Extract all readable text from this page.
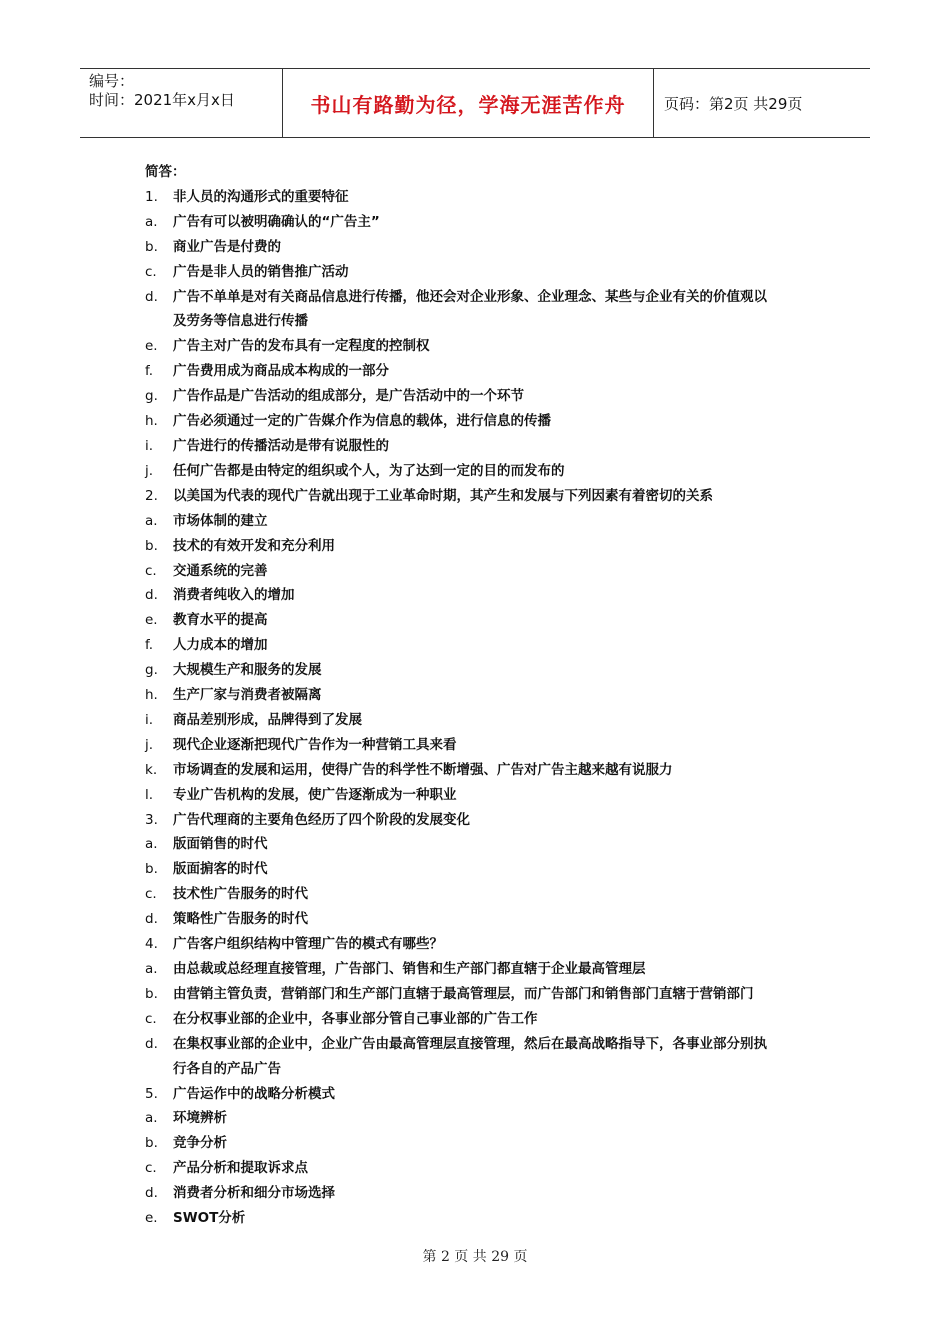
编号：
时间：2021年x月x日	书山有路勤为径，学海无涯苦作舟	页码：第2页 共29页
简答：
1.	非人员的沟通形式的重要特征
a.	广告有可以被明确确认的“广告主”
b.	商业广告是付费的
c.	广告是非人员的销售推广活动
d.	广告不单单是对有关商品信息进行传播，他还会对企业形象、企业理念、某些与企业有关的价值观以
及劳务等信息进行传播
e.	广告主对广告的发布具有一定程度的控制权
f.	广告费用成为商品成本构成的一部分
g.	广告作品是广告活动的组成部分，是广告活动中的一个环节
h.	广告必须通过一定的广告媒介作为信息的载体，进行信息的传播
i.	广告进行的传播活动是带有说服性的
j.	任何广告都是由特定的组织或个人，为了达到一定的目的而发布的
2.	以美国为代表的现代广告就出现于工业革命时期，其产生和发展与下列因素有着密切的关系
a.	市场体制的建立
b.	技术的有效开发和充分利用
c.	交通系统的完善
d.	消费者纯收入的增加
e.	教育水平的提高
f.	人力成本的增加
g.	大规模生产和服务的发展
h.	生产厂家与消费者被隔离
i.	商品差别形成，品牌得到了发展
j.	现代企业逐渐把现代广告作为一种营销工具来看
k.	市场调查的发展和运用，使得广告的科学性不断增强、广告对广告主越来越有说服力
l.	专业广告机构的发展，使广告逐渐成为一种职业
3.	广告代理商的主要角色经历了四个阶段的发展变化
a.	版面销售的时代
b.	版面掮客的时代
c.	技术性广告服务的时代
d.	策略性广告服务的时代
4.	广告客户组织结构中管理广告的模式有哪些？
a.	由总裁或总经理直接管理，广告部门、销售和生产部门都直辖于企业最高管理层
b.	由营销主管负责，营销部门和生产部门直辖于最高管理层，而广告部门和销售部门直辖于营销部门
c.	在分权事业部的企业中，各事业部分管自己事业部的广告工作
d.	在集权事业部的企业中，企业广告由最高管理层直接管理，然后在最高战略指导下，各事业部分别执
行各自的产品广告
5.	广告运作中的战略分析模式
a.	环境辨析
b.	竞争分析
c.	产品分析和提取诉求点
d.	消费者分析和细分市场选择
e.	SWOT分析
第 2 页 共 29 页
